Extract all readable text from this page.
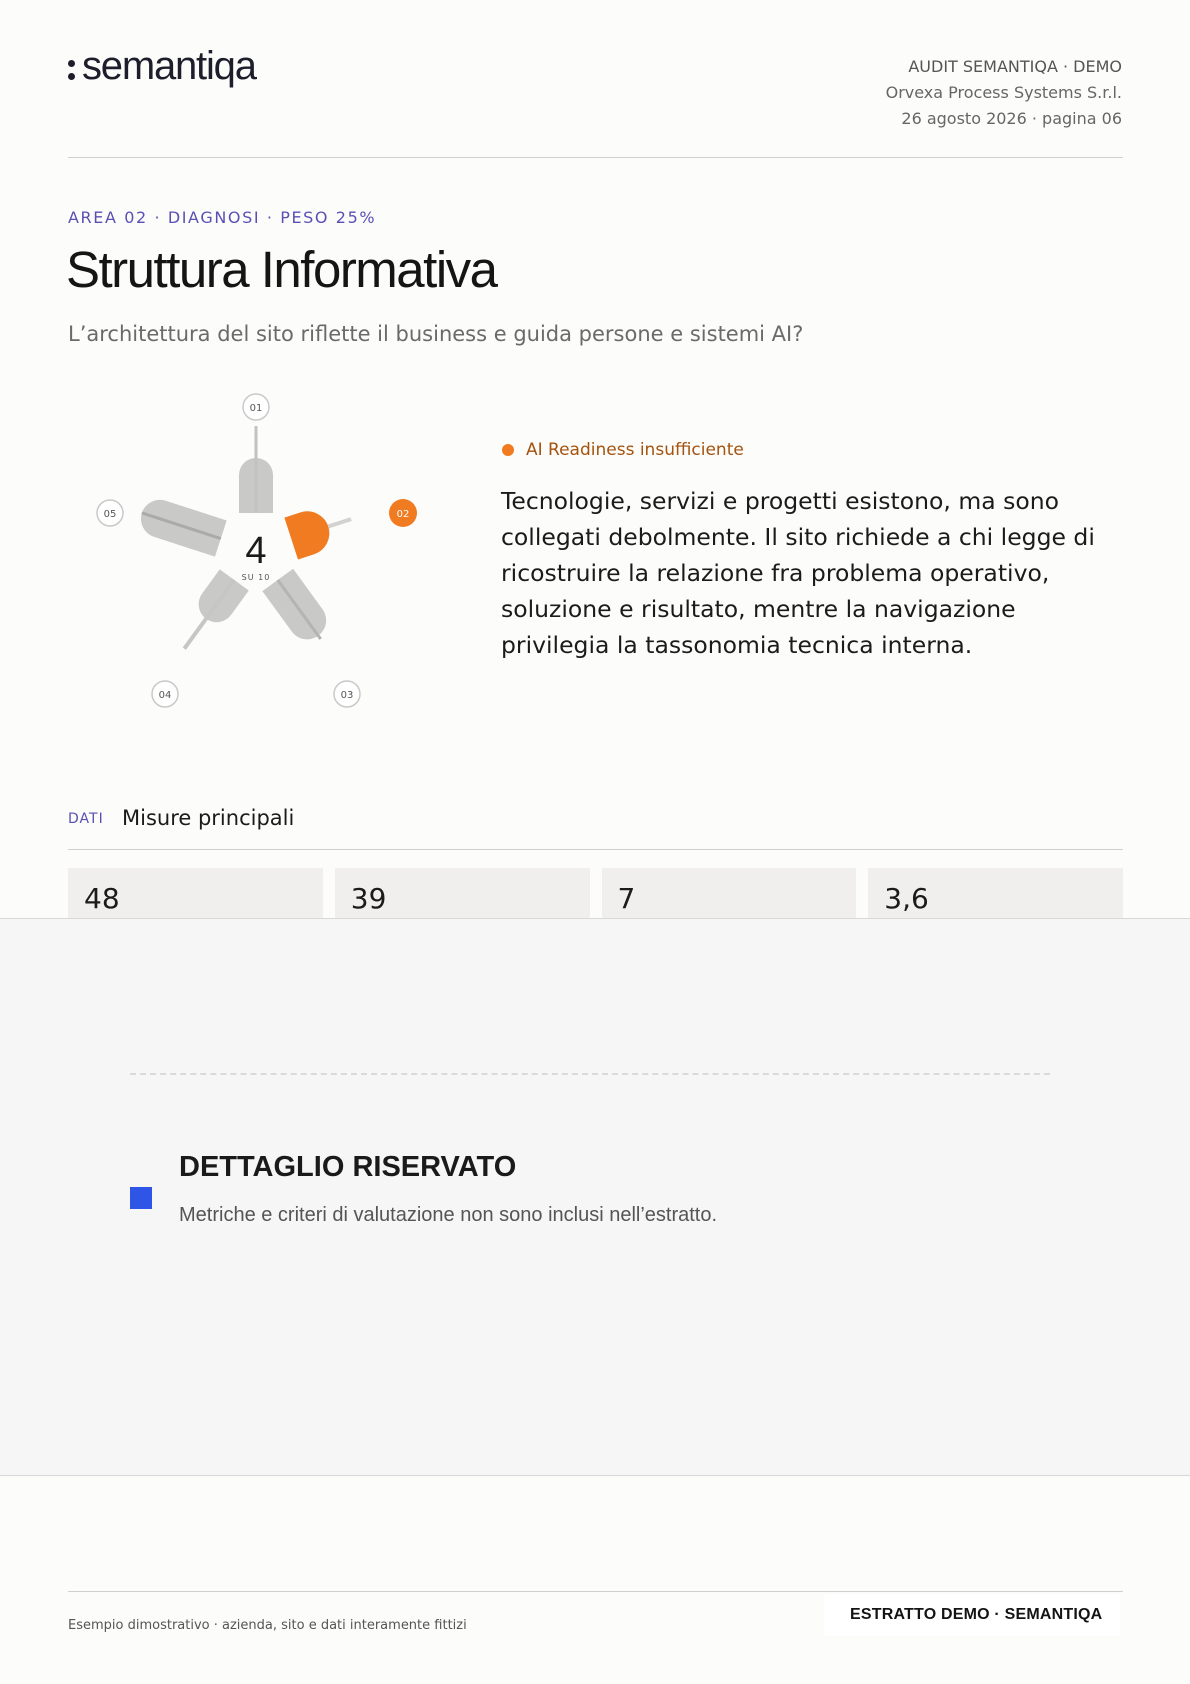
semantiqa	AUDIT SEMANTIQA · DEMO
Orvexa Process Systems S.r.l.
26 agosto 2026 · pagina 06
AREA 02 · DIAGNOSI · PESO 25%
Struttura Informativa
L’architettura del sito riflette il business e guida persone e sistemi AI?
4
SU 10
01
02
03
04
05
AI Readiness insufficiente
Tecnologie, servizi e progetti esistono, ma sono collegati debolmente. Il sito richiede a chi legge di ricostruire la relazione fra problema operativo, soluzione e risultato, mentre la navigazione privilegia la tassonomia tecnica interna.
DATI Misure principali
48	39	7	3,6
DETTAGLIO RISERVATO
Metriche e criteri di valutazione non sono inclusi nell’estratto.
Esempio dimostrativo · azienda, sito e dati interamente fittizi
ESTRATTO DEMO · SEMANTIQA
